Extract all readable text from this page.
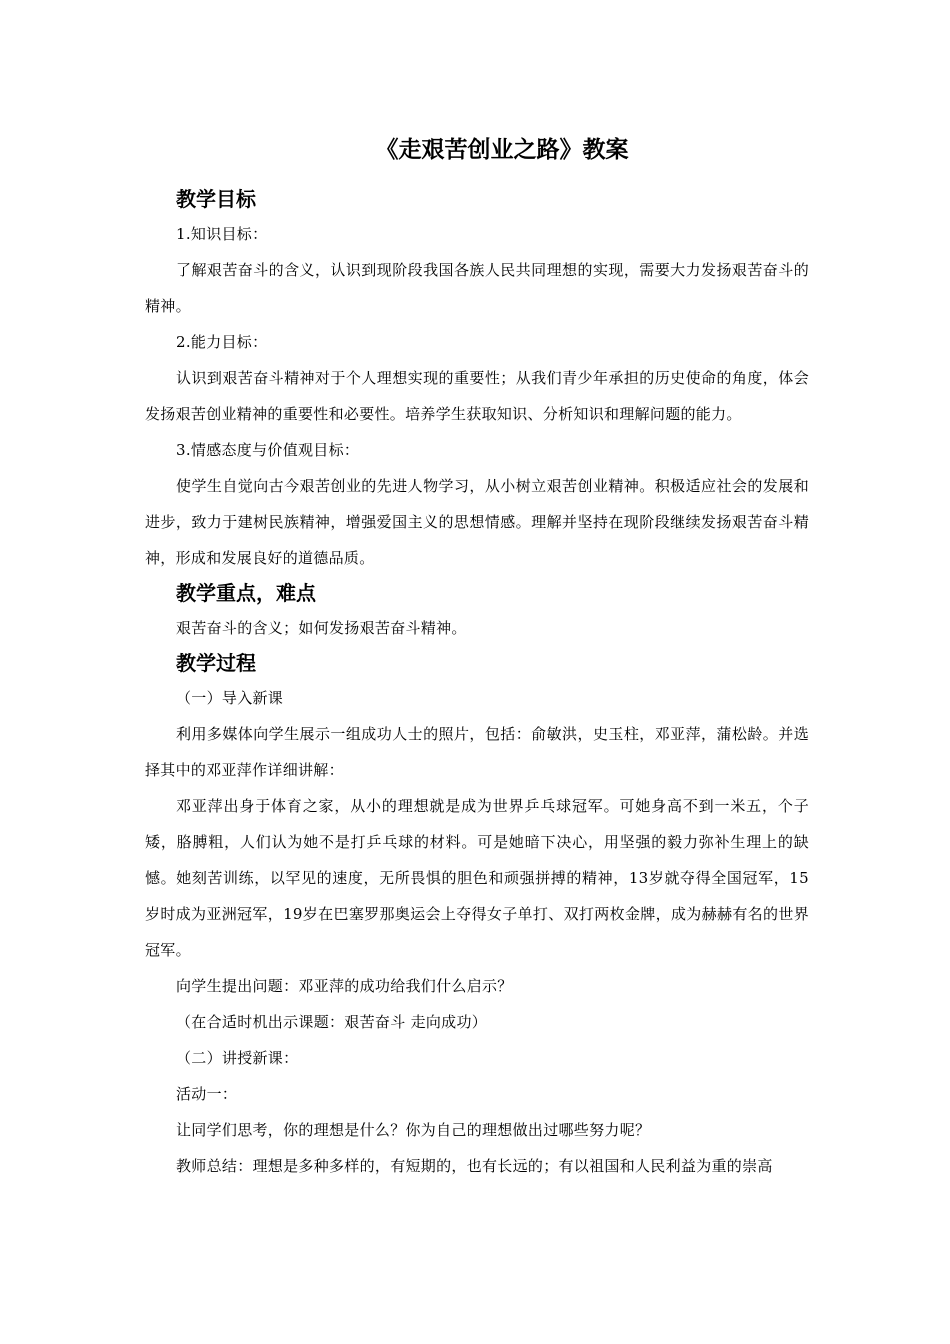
《走艰苦创业之路》教案
教学目标

1.知识目标：

了解艰苦奋斗的含义，认识到现阶段我国各族人民共同理想的实现，需要大力发扬艰苦奋斗的精神。

2.能力目标：

认识到艰苦奋斗精神对于个人理想实现的重要性；从我们青少年承担的历史使命的角度，体会发扬艰苦创业精神的重要性和必要性。培养学生获取知识、分析知识和理解问题的能力。

3.情感态度与价值观目标：

使学生自觉向古今艰苦创业的先进人物学习，从小树立艰苦创业精神。积极适应社会的发展和进步，致力于建树民族精神，增强爱国主义的思想情感。理解并坚持在现阶段继续发扬艰苦奋斗精神，形成和发展良好的道德品质。

教学重点，难点

艰苦奋斗的含义；如何发扬艰苦奋斗精神。

教学过程

（一）导入新课

利用多媒体向学生展示一组成功人士的照片，包括：俞敏洪，史玉柱，邓亚萍，蒲松龄。并选择其中的邓亚萍作详细讲解：

邓亚萍出身于体育之家，从小的理想就是成为世界乒乓球冠军。可她身高不到一米五，个子矮，胳膊粗，人们认为她不是打乒乓球的材料。可是她暗下决心，用坚强的毅力弥补生理上的缺憾。她刻苦训练，以罕见的速度，无所畏惧的胆色和顽强拼搏的精神，13岁就夺得全国冠军，15岁时成为亚洲冠军，19岁在巴塞罗那奥运会上夺得女子单打、双打两枚金牌，成为赫赫有名的世界冠军。

向学生提出问题：邓亚萍的成功给我们什么启示？

（在合适时机出示课题：艰苦奋斗 走向成功）

（二）讲授新课：

活动一：

让同学们思考，你的理想是什么？你为自己的理想做出过哪些努力呢？

教师总结：理想是多种多样的，有短期的，也有长远的；有以祖国和人民利益为重的崇高
